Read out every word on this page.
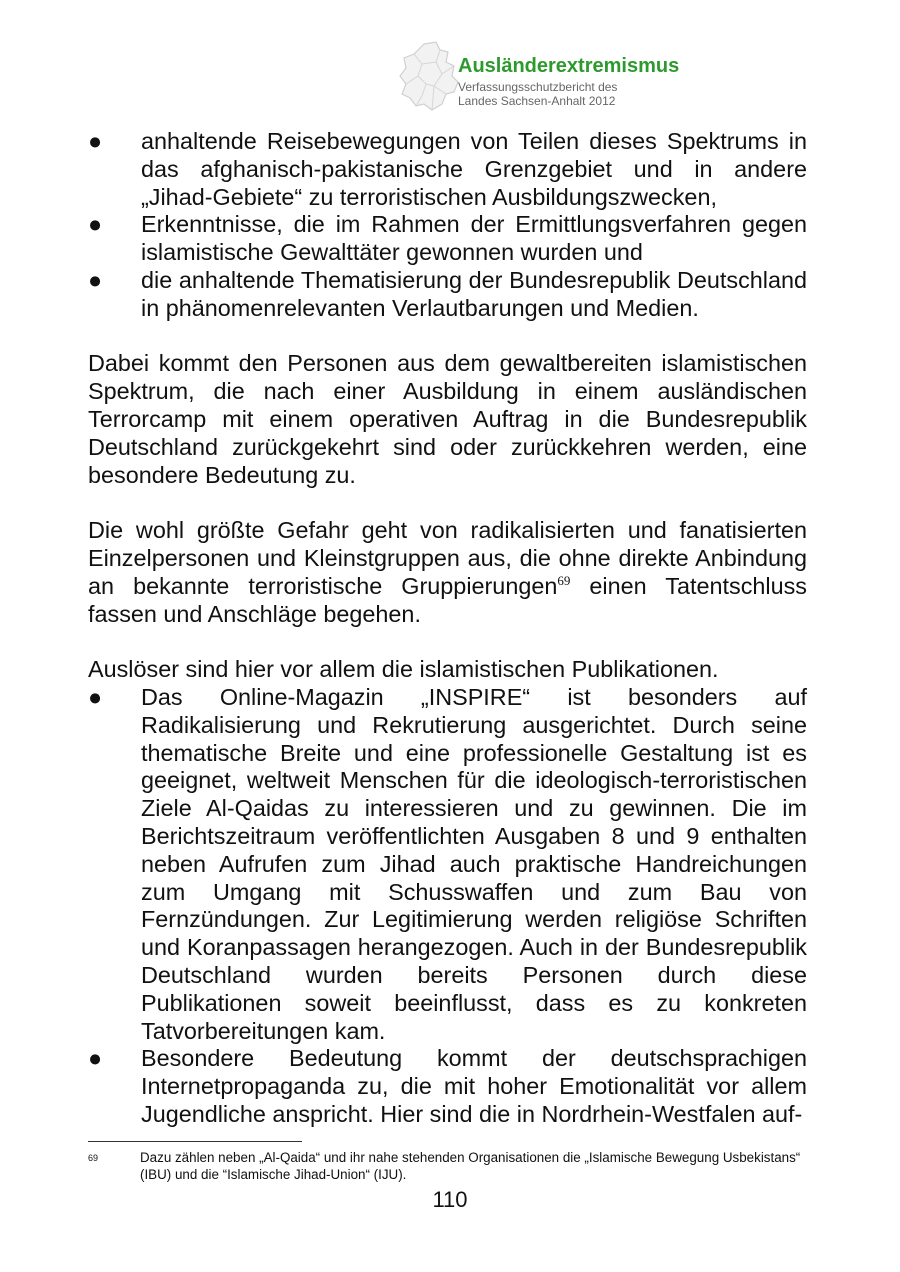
Ausländerextremismus
Verfassungsschutzbericht des
Landes Sachsen-Anhalt 2012
● anhaltende Reisebewegungen von Teilen dieses Spektrums in das afghanisch-pakistanische Grenzgebiet und in andere „Jihad-Gebiete“ zu terroristischen Ausbildungszwecken,
● Erkenntnisse, die im Rahmen der Ermittlungsverfahren gegen islamistische Gewalttäter gewonnen wurden und
● die anhaltende Thematisierung der Bundesrepublik Deutschland in phänomenrelevanten Verlautbarungen und Medien.

Dabei kommt den Personen aus dem gewaltbereiten islamistischen Spektrum, die nach einer Ausbildung in einem ausländischen Terrorcamp mit einem operativen Auftrag in die Bundesrepublik Deutschland zurückgekehrt sind oder zurückkehren werden, eine besondere Bedeutung zu.

Die wohl größte Gefahr geht von radikalisierten und fanatisierten Einzelpersonen und Kleinstgruppen aus, die ohne direkte Anbindung an bekannte terroristische Gruppierungen$^{69}$ einen Tatentschluss fassen und Anschläge begehen.

Auslöser sind hier vor allem die islamistischen Publikationen.

● Das Online-Magazin „INSPIRE“ ist besonders auf Radikalisierung und Rekrutierung ausgerichtet. Durch seine thematische Breite und eine professionelle Gestaltung ist es geeignet, weltweit Menschen für die ideologisch-terroristischen Ziele Al-Qaidas zu interessieren und zu gewinnen. Die im Berichtszeitraum veröffentlichten Ausgaben 8 und 9 enthalten neben Aufrufen zum Jihad auch praktische Handreichungen zum Umgang mit Schusswaffen und zum Bau von Fernzündungen. Zur Legitimierung werden religiöse Schriften und Koranpassagen herangezogen. Auch in der Bundesrepublik Deutschland wurden bereits Personen durch diese Publikationen soweit beeinflusst, dass es zu konkreten Tatvorbereitungen kam.
● Besondere Bedeutung kommt der deutschsprachigen Internetpropaganda zu, die mit hoher Emotionalität vor allem Jugendliche anspricht. Hier sind die in Nordrhein-Westfalen auf-
69	Dazu zählen neben „Al-Qaida“ und ihr nahe stehenden Organisationen die „Islamische Bewegung Usbekistans“ (IBU) und die “Islamische Jihad-Union“ (IJU).
110
